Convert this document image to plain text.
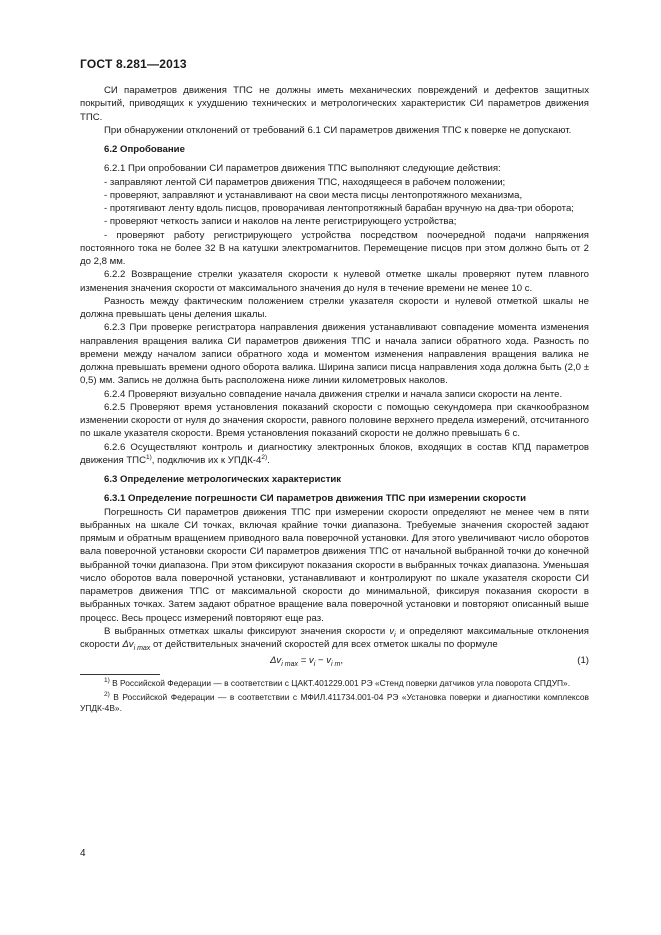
ГОСТ 8.281—2013

СИ параметров движения ТПС не должны иметь механических повреждений и дефектов защитных покрытий, приводящих к ухудшению технических и метрологических характеристик СИ параметров движения ТПС.

При обнаружении отклонений от требований 6.1 СИ параметров движения ТПС к поверке не допускают.

6.2 Опробование

6.2.1 При опробовании СИ параметров движения ТПС выполняют следующие действия:

- заправляют лентой СИ параметров движения ТПС, находящееся в рабочем положении;

- проверяют, заправляют и устанавливают на свои места писцы лентопротяжного механизма,

- протягивают ленту вдоль писцов, проворачивая лентопротяжный барабан вручную на два-три оборота;

- проверяют четкость записи и наколов на ленте регистрирующего устройства;

- проверяют работу регистрирующего устройства посредством поочередной подачи напряжения постоянного тока не более 32 В на катушки электромагнитов. Перемещение писцов при этом должно быть от 2 до 2,8 мм.

6.2.2 Возвращение стрелки указателя скорости к нулевой отметке шкалы проверяют путем плавного изменения значения скорости от максимального значения до нуля в течение времени не менее 10 с.

Разность между фактическим положением стрелки указателя скорости и нулевой отметкой шкалы не должна превышать цены деления шкалы.

6.2.3 При проверке регистратора направления движения устанавливают совпадение момента изменения направления вращения валика СИ параметров движения ТПС и начала записи обратного хода. Разность по времени между началом записи обратного хода и моментом изменения направления вращения валика не должна превышать времени одного оборота валика. Ширина записи писца направления хода должна быть (2,0 ± 0,5) мм. Запись не должна быть расположена ниже линии километровых наколов.

6.2.4 Проверяют визуально совпадение начала движения стрелки и начала записи скорости на ленте.

6.2.5 Проверяют время установления показаний скорости с помощью секундомера при скачкообразном изменении скорости от нуля до значения скорости, равного половине верхнего предела измерений, отсчитанного по шкале указателя скорости. Время установления показаний скорости не должно превышать 6 с.

6.2.6 Осуществляют контроль и диагностику электронных блоков, входящих в состав КПД параметров движения ТПС$^{1)}$, подключив их к УПДК-4$^{2)}$.

6.3 Определение метрологических характеристик

6.3.1 Определение погрешности СИ параметров движения ТПС при измерении скорости

Погрешность СИ параметров движения ТПС при измерении скорости определяют не менее чем в пяти выбранных на шкале СИ точках, включая крайние точки диапазона. Требуемые значения скоростей задают прямым и обратным вращением приводного вала поверочной установки. Для этого увеличивают число оборотов вала поверочной установки скорости СИ параметров движения ТПС от начальной выбранной точки до конечной выбранной точки диапазона. При этом фиксируют показания скорости в выбранных точках диапазона. Уменьшая число оборотов вала поверочной установки, устанавливают и контролируют по шкале указателя скорости СИ параметров движения ТПС от максимальной скорости до минимальной, фиксируя показания скорости в выбранных точках. Затем задают обратное вращение вала поверочной установки и повторяют описанный выше процесс. Весь процесс измерений повторяют еще раз.

В выбранных отметках шкалы фиксируют значения скорости $v_i$ и определяют максимальные отклонения скорости $\Delta v_{i max}$ от действительных значений скоростей для всех отметок шкалы по формуле

$\Delta v_{i max} = v_i - v_{i т}$,	(1)

$^{1)}$ В Российской Федерации — в соответствии с ЦАКТ.401229.001 РЭ «Стенд поверки датчиков угла поворота СПДУП».

$^{2)}$ В Российской Федерации — в соответствии с МФИЛ.411734.001-04 РЭ «Установка поверки и диагностики комплексов УПДК-4В».

4
